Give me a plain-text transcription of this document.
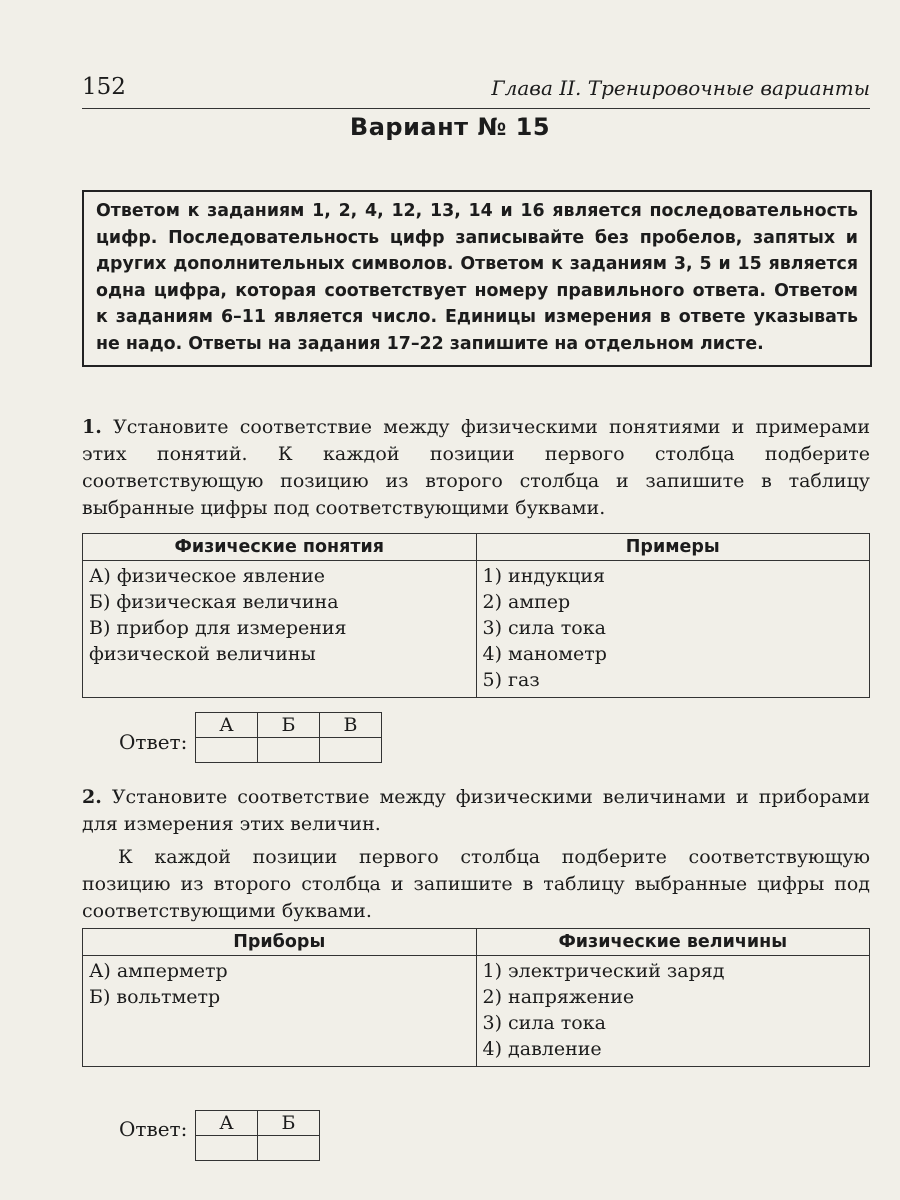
152	Глава II. Тренировочные варианты
Вариант № 15
Ответом к заданиям 1, 2, 4, 12, 13, 14 и 16 является последовательность цифр. Последовательность цифр записывайте без пробелов, запятых и других дополнительных символов. Ответом к заданиям 3, 5 и 15 является одна цифра, которая соответствует номеру правильного ответа. Ответом к заданиям 6–11 является число. Единицы измерения в ответе указывать не надо. Ответы на задания 17–22 запишите на отдельном листе.
1. Установите соответствие между физическими понятиями и примерами этих понятий. К каждой позиции первого столбца подберите соответствующую позицию из второго столбца и запишите в таблицу выбранные цифры под соответствующими буквами.
Физические понятия	Примеры

А) физическое явление
Б) физическая величина
В) прибор для измерения физической величины	1) индукция
2) ампер
3) сила тока
4) манометр
5) газ
Ответ:
А	Б	В

2. Установите соответствие между физическими величинами и приборами для измерения этих величин.
К каждой позиции первого столбца подберите соответствующую позицию из второго столбца и запишите в таблицу выбранные цифры под соответствующими буквами.
Приборы	Физические величины

А) амперметр
Б) вольтметр	1) электрический заряд
2) напряжение
3) сила тока
4) давление
Ответ: А	Б
